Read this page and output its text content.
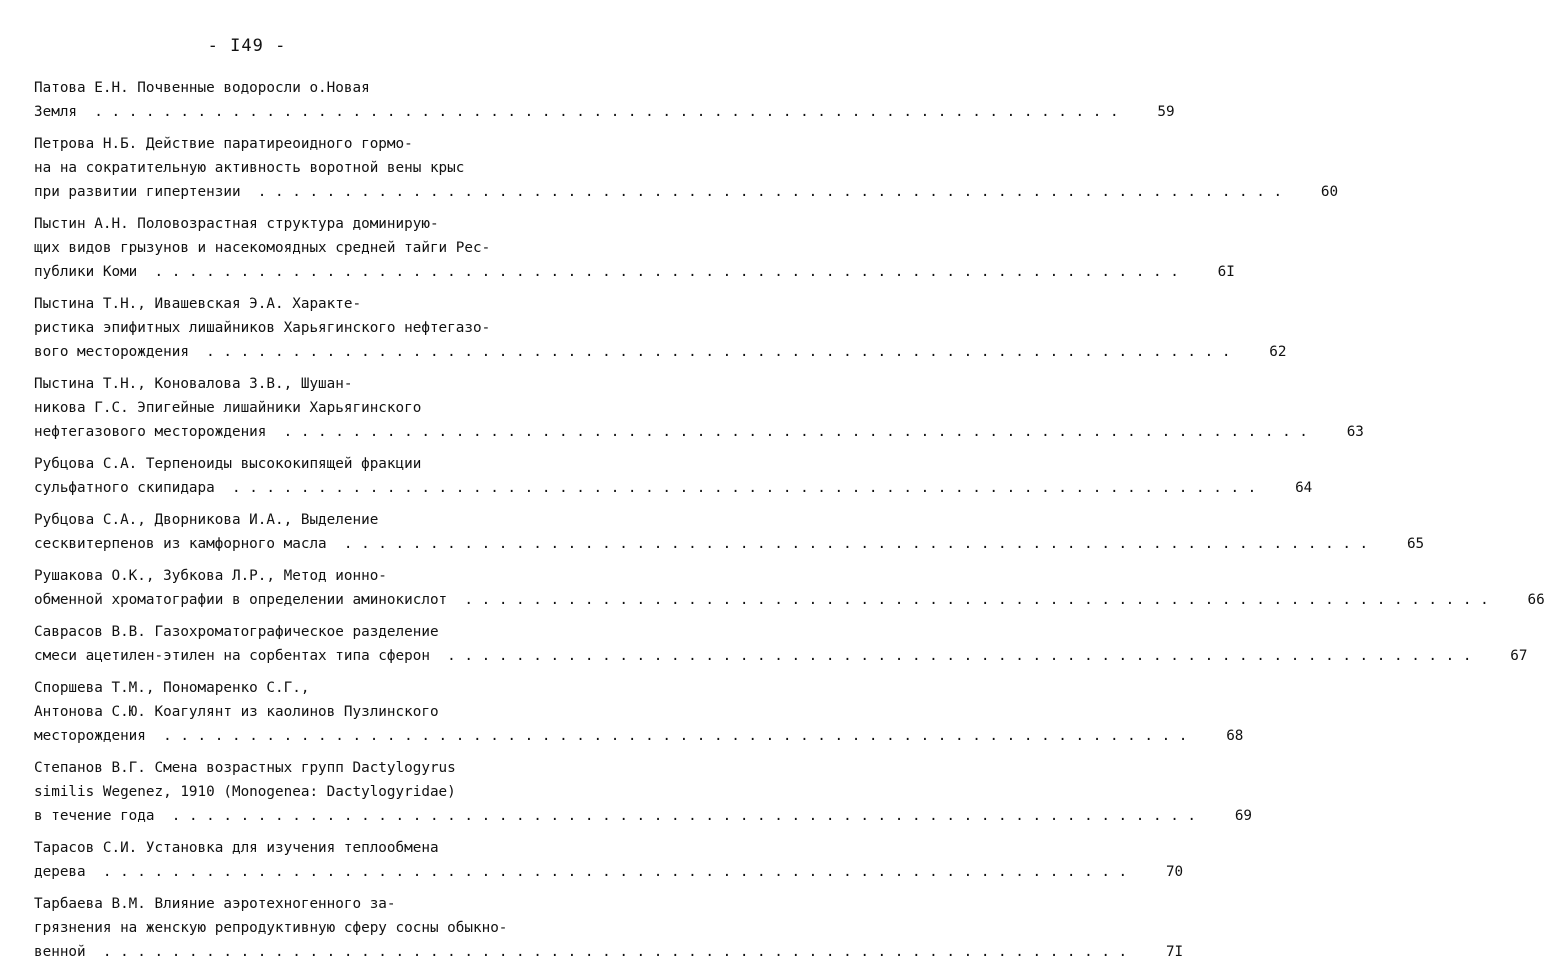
- I49 -
Патова Е.Н. Почвенные водоросли о.Новая
Земля . . . . . . . . . . . . . . . . . . . . . . . . . . . . . . . . . . . . . . . . . . . . . . . . . . . . . . . . . . . .	59
Петрова Н.Б. Действие паратиреоидного гормо-
на на сократительную активность воротной вены крыс
при развитии гипертензии . . . . . . . . . . . . . . . . . . . . . . . . . . . . . . . . . . . . . . . . . . . . . . . . . . . . . . . . . . . .	60
Пыстин А.Н. Половозрастная структура доминирую-
щих видов грызунов и насекомоядных средней тайги Рес-
публики Коми . . . . . . . . . . . . . . . . . . . . . . . . . . . . . . . . . . . . . . . . . . . . . . . . . . . . . . . . . . . .	6I
Пыстина Т.Н., Ивашевская Э.А. Характе-
ристика эпифитных лишайников Харьягинского нефтегазо-
вого месторождения . . . . . . . . . . . . . . . . . . . . . . . . . . . . . . . . . . . . . . . . . . . . . . . . . . . . . . . . . . . .	62
Пыстина Т.Н., Коновалова З.В., Шушан-
никова Г.С. Эпигейные лишайники Харьягинского
нефтегазового месторождения . . . . . . . . . . . . . . . . . . . . . . . . . . . . . . . . . . . . . . . . . . . . . . . . . . . . . . . . . . . .	63
Рубцова С.А. Терпеноиды высококипящей фракции
сульфатного скипидара . . . . . . . . . . . . . . . . . . . . . . . . . . . . . . . . . . . . . . . . . . . . . . . . . . . . . . . . . . . .	64
Рубцова С.А., Дворникова И.А., Выделение
сесквитерпенов из камфорного масла . . . . . . . . . . . . . . . . . . . . . . . . . . . . . . . . . . . . . . . . . . . . . . . . . . . . . . . . . . . .	65
Рушакова О.К., Зубкова Л.Р., Метод ионно-
обменной хроматографии в определении аминокислот . . . . . . . . . . . . . . . . . . . . . . . . . . . . . . . . . . . . . . . . . . . . . . . . . . . . . . . . . . . .	66
Саврасов В.В. Газохроматографическое разделение
смеси ацетилен-этилен на сорбентах типа сферон . . . . . . . . . . . . . . . . . . . . . . . . . . . . . . . . . . . . . . . . . . . . . . . . . . . . . . . . . . . .	67
Споршева Т.М., Пономаренко С.Г.,
Антонова С.Ю. Коагулянт из каолинов Пузлинского
месторождения . . . . . . . . . . . . . . . . . . . . . . . . . . . . . . . . . . . . . . . . . . . . . . . . . . . . . . . . . . . .	68
Степанов В.Г. Смена возрастных групп Dactylogyrus
similis Wegenez, 1910 (Monogenea: Dactylogyridae)
в течение года . . . . . . . . . . . . . . . . . . . . . . . . . . . . . . . . . . . . . . . . . . . . . . . . . . . . . . . . . . . .	69
Тарасов С.И. Установка для изучения теплообмена
дерева . . . . . . . . . . . . . . . . . . . . . . . . . . . . . . . . . . . . . . . . . . . . . . . . . . . . . . . . . . . .	70
Тарбаева В.М. Влияние аэротехногенного за-
грязнения на женскую репродуктивную сферу сосны обыкно-
венной . . . . . . . . . . . . . . . . . . . . . . . . . . . . . . . . . . . . . . . . . . . . . . . . . . . . . . . . . . . .	7I
